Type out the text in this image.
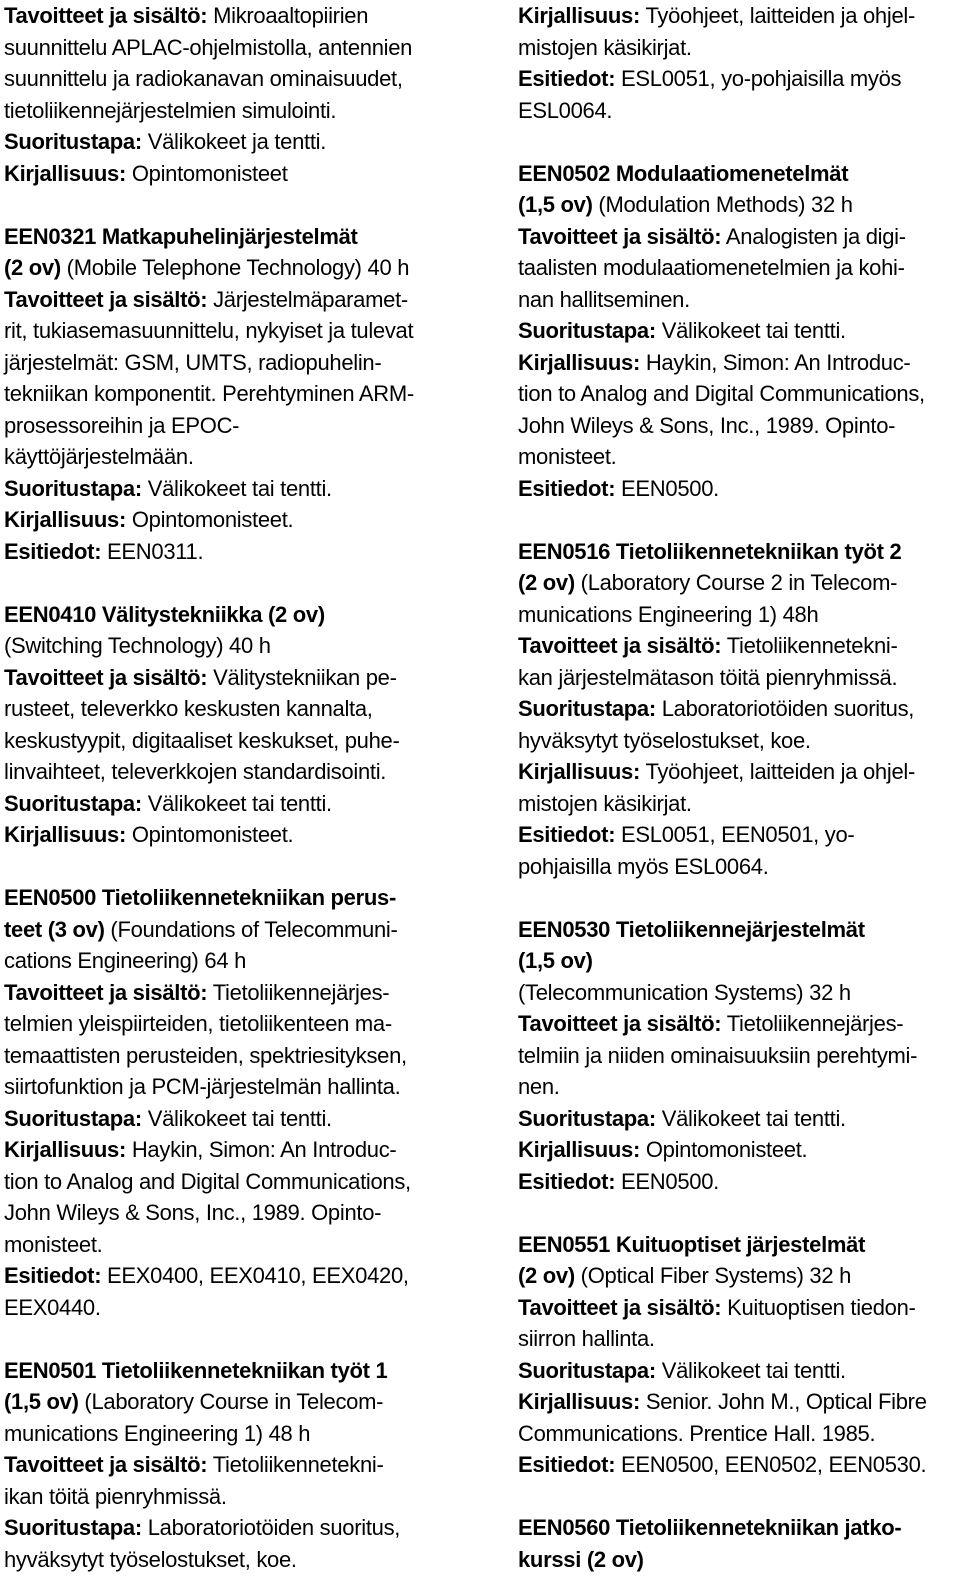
Tavoitteet ja sisältö: Mikroaaltopiirien
suunnittelu APLAC-ohjelmistolla, antennien
suunnittelu ja radiokanavan ominaisuudet,
tietoliikennejärjestelmien simulointi.
Suoritustapa: Välikokeet ja tentti.
Kirjallisuus: Opintomonisteet
EEN0321 Matkapuhelinjärjestelmät
(2 ov) (Mobile Telephone Technology) 40 h
Tavoitteet ja sisältö: Järjestelmäparamet-
rit, tukiasemasuunnittelu, nykyiset ja tulevat
järjestelmät: GSM, UMTS, radiopuhelin-
tekniikan komponentit. Perehtyminen ARM-
prosessoreihin ja EPOC-
käyttöjärjestelmään.
Suoritustapa: Välikokeet tai tentti.
Kirjallisuus: Opintomonisteet.
Esitiedot: EEN0311.
EEN0410 Välitystekniikka (2 ov)
(Switching Technology) 40 h
Tavoitteet ja sisältö: Välitystekniikan pe-
rusteet, televerkko keskusten kannalta,
keskustyypit, digitaaliset keskukset, puhe-
linvaihteet, televerkkojen standardisointi.
Suoritustapa: Välikokeet tai tentti.
Kirjallisuus: Opintomonisteet.
EEN0500 Tietoliikennetekniikan perus-
teet (3 ov) (Foundations of Telecommuni-
cations Engineering) 64 h
Tavoitteet ja sisältö: Tietoliikennejärjes-
telmien yleispiirteiden, tietoliikenteen ma-
temaattisten perusteiden, spektriesityksen,
siirtofunktion ja PCM-järjestelmän hallinta.
Suoritustapa: Välikokeet tai tentti.
Kirjallisuus: Haykin, Simon: An Introduc-
tion to Analog and Digital Communications,
John Wileys & Sons, Inc., 1989. Opinto-
monisteet.
Esitiedot: EEX0400, EEX0410, EEX0420,
EEX0440.
EEN0501 Tietoliikennetekniikan työt 1
(1,5 ov) (Laboratory Course in Telecom-
munications Engineering 1) 48 h
Tavoitteet ja sisältö: Tietoliikennetekni-
ikan töitä pienryhmissä.
Suoritustapa: Laboratoriotöiden suoritus,
hyväksytyt työselostukset, koe.
Kirjallisuus: Työohjeet, laitteiden ja ohjel-
mistojen käsikirjat.
Esitiedot: ESL0051, yo-pohjaisilla myös
ESL0064.
EEN0502 Modulaatiomenetelmät
(1,5 ov) (Modulation Methods) 32 h
Tavoitteet ja sisältö: Analogisten ja digi-
taalisten modulaatiomenetelmien ja kohi-
nan hallitseminen.
Suoritustapa: Välikokeet tai tentti.
Kirjallisuus: Haykin, Simon: An Introduc-
tion to Analog and Digital Communications,
John Wileys & Sons, Inc., 1989. Opinto-
monisteet.
Esitiedot: EEN0500.
EEN0516 Tietoliikennetekniikan työt 2
(2 ov) (Laboratory Course 2 in Telecom-
munications Engineering 1) 48h
Tavoitteet ja sisältö: Tietoliikennetekni-
kan järjestelmätason töitä pienryhmissä.
Suoritustapa: Laboratoriotöiden suoritus,
hyväksytyt työselostukset, koe.
Kirjallisuus: Työohjeet, laitteiden ja ohjel-
mistojen käsikirjat.
Esitiedot: ESL0051, EEN0501, yo-
pohjaisilla myös ESL0064.
EEN0530 Tietoliikennejärjestelmät
(1,5 ov)
(Telecommunication Systems) 32 h
Tavoitteet ja sisältö: Tietoliikennejärjes-
telmiin ja niiden ominaisuuksiin perehtymi-
nen.
Suoritustapa: Välikokeet tai tentti.
Kirjallisuus: Opintomonisteet.
Esitiedot: EEN0500.
EEN0551 Kuituoptiset järjestelmät
(2 ov) (Optical Fiber Systems) 32 h
Tavoitteet ja sisältö: Kuituoptisen tiedon-
siirron hallinta.
Suoritustapa: Välikokeet tai tentti.
Kirjallisuus: Senior. John M., Optical Fibre
Communications. Prentice Hall. 1985.
Esitiedot: EEN0500, EEN0502, EEN0530.
EEN0560 Tietoliikennetekniikan jatko-
kurssi (2 ov)
